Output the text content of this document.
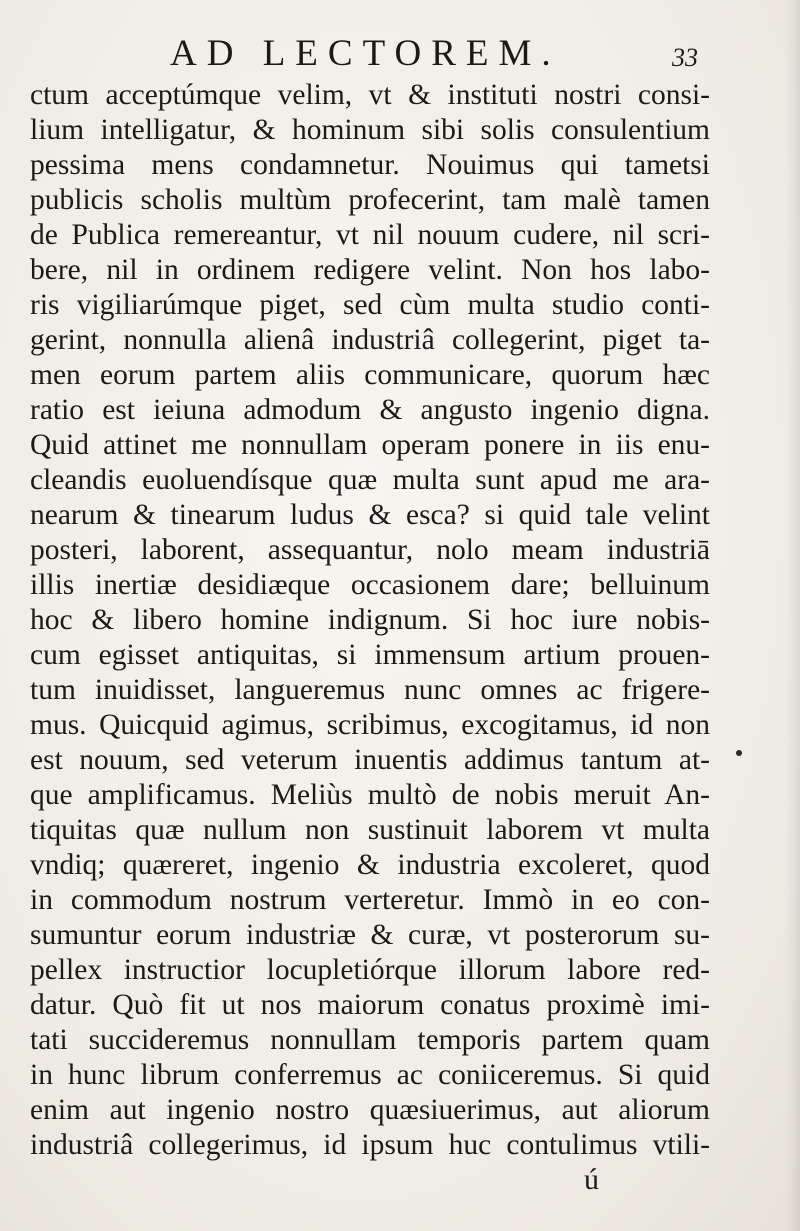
AD LECTOREM.	33
ctum acceptúmque velim, vt & instituti nostri consi-
lium intelligatur, & hominum sibi solis consulentium
pessima mens condamnetur. Nouimus qui tametsi
publicis scholis multùm profecerint, tam malè tamen
de Publica remereantur, vt nil nouum cudere, nil scri-
bere, nil in ordinem redigere velint. Non hos labo-
ris vigiliarúmque piget, sed cùm multa studio conti-
gerint, nonnulla alienâ industriâ collegerint, piget ta-
men eorum partem aliis communicare, quorum hæc
ratio est ieiuna admodum & angusto ingenio digna.
Quid attinet me nonnullam operam ponere in iis enu-
cleandis euoluendísque quæ multa sunt apud me ara-
nearum & tinearum ludus & esca? si quid tale velint
posteri, laborent, assequantur, nolo meam industriā
illis inertiæ desidiæque occasionem dare; belluinum
hoc & libero homine indignum. Si hoc iure nobis-
cum egisset antiquitas, si immensum artium prouen-
tum inuidisset, langueremus nunc omnes ac frigere-
mus. Quicquid agimus, scribimus, excogitamus, id non
est nouum, sed veterum inuentis addimus tantum at-
que amplificamus. Meliùs multò de nobis meruit An-
tiquitas quæ nullum non sustinuit laborem vt multa
vndiq; quæreret, ingenio & industria excoleret, quod
in commodum nostrum verteretur. Immò in eo con-
sumuntur eorum industriæ & curæ, vt posterorum su-
pellex instructior locupletiórque illorum labore red-
datur. Quò fit ut nos maiorum conatus proximè imi-
tati succideremus nonnullam temporis partem quam
in hunc librum conferremus ac coniiceremus. Si quid
enim aut ingenio nostro quæsiuerimus, aut aliorum
industriâ collegerimus, id ipsum huc contulimus vtili-
ú
